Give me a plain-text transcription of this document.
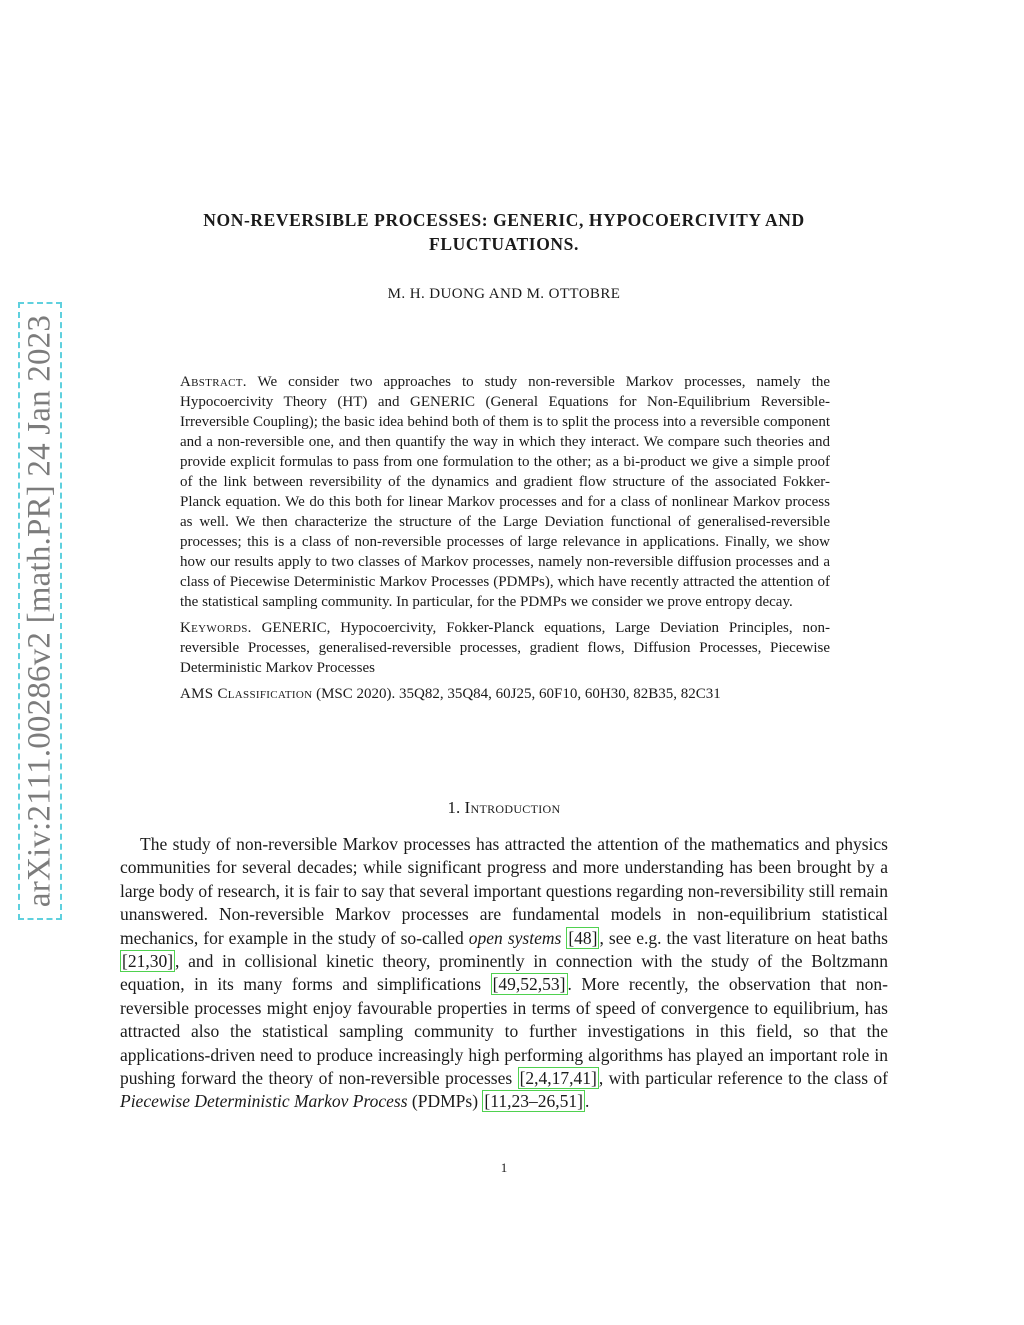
arXiv:2111.00286v2 [math.PR] 24 Jan 2023
NON-REVERSIBLE PROCESSES: GENERIC, HYPOCOERCIVITY AND
FLUCTUATIONS.
M. H. DUONG AND M. OTTOBRE

Abstract. We consider two approaches to study non-reversible Markov processes, namely the Hypocoercivity Theory (HT) and GENERIC (General Equations for Non-Equilibrium Reversible-Irreversible Coupling); the basic idea behind both of them is to split the process into a reversible component and a non-reversible one, and then quantify the way in which they interact. We compare such theories and provide explicit formulas to pass from one formulation to the other; as a bi-product we give a simple proof of the link between reversibility of the dynamics and gradient flow structure of the associated Fokker-Planck equation. We do this both for linear Markov processes and for a class of nonlinear Markov process as well. We then characterize the structure of the Large Deviation functional of generalised-reversible processes; this is a class of non-reversible processes of large relevance in applications. Finally, we show how our results apply to two classes of Markov processes, namely non-reversible diffusion processes and a class of Piecewise Deterministic Markov Processes (PDMPs), which have recently attracted the attention of the statistical sampling community. In particular, for the PDMPs we consider we prove entropy decay.

Keywords. GENERIC, Hypocoercivity, Fokker-Planck equations, Large Deviation Principles, non-reversible Processes, generalised-reversible processes, gradient flows, Diffusion Processes, Piecewise Deterministic Markov Processes

AMS Classification (MSC 2020). 35Q82, 35Q84, 60J25, 60F10, 60H30, 82B35, 82C31

1. Introduction

The study of non-reversible Markov processes has attracted the attention of the mathematics and physics communities for several decades; while significant progress and more understanding has been brought by a large body of research, it is fair to say that several important questions regarding non-reversibility still remain unanswered. Non-reversible Markov processes are fundamental models in non-equilibrium statistical mechanics, for example in the study of so-called open systems [48] , see e.g. the vast literature on heat baths [21,30] , and in collisional kinetic theory, prominently in connection with the study of the Boltzmann equation, in its many forms and simplifications [49,52,53] . More recently, the observation that non-reversible processes might enjoy favourable properties in terms of speed of convergence to equilibrium, has attracted also the statistical sampling community to further investigations in this field, so that the applications-driven need to produce increasingly high performing algorithms has played an important role in pushing forward the theory of non-reversible processes [2,4,17,41] , with particular reference to the class of Piecewise Deterministic Markov Process (PDMPs) [11,23–26,51] .

1
